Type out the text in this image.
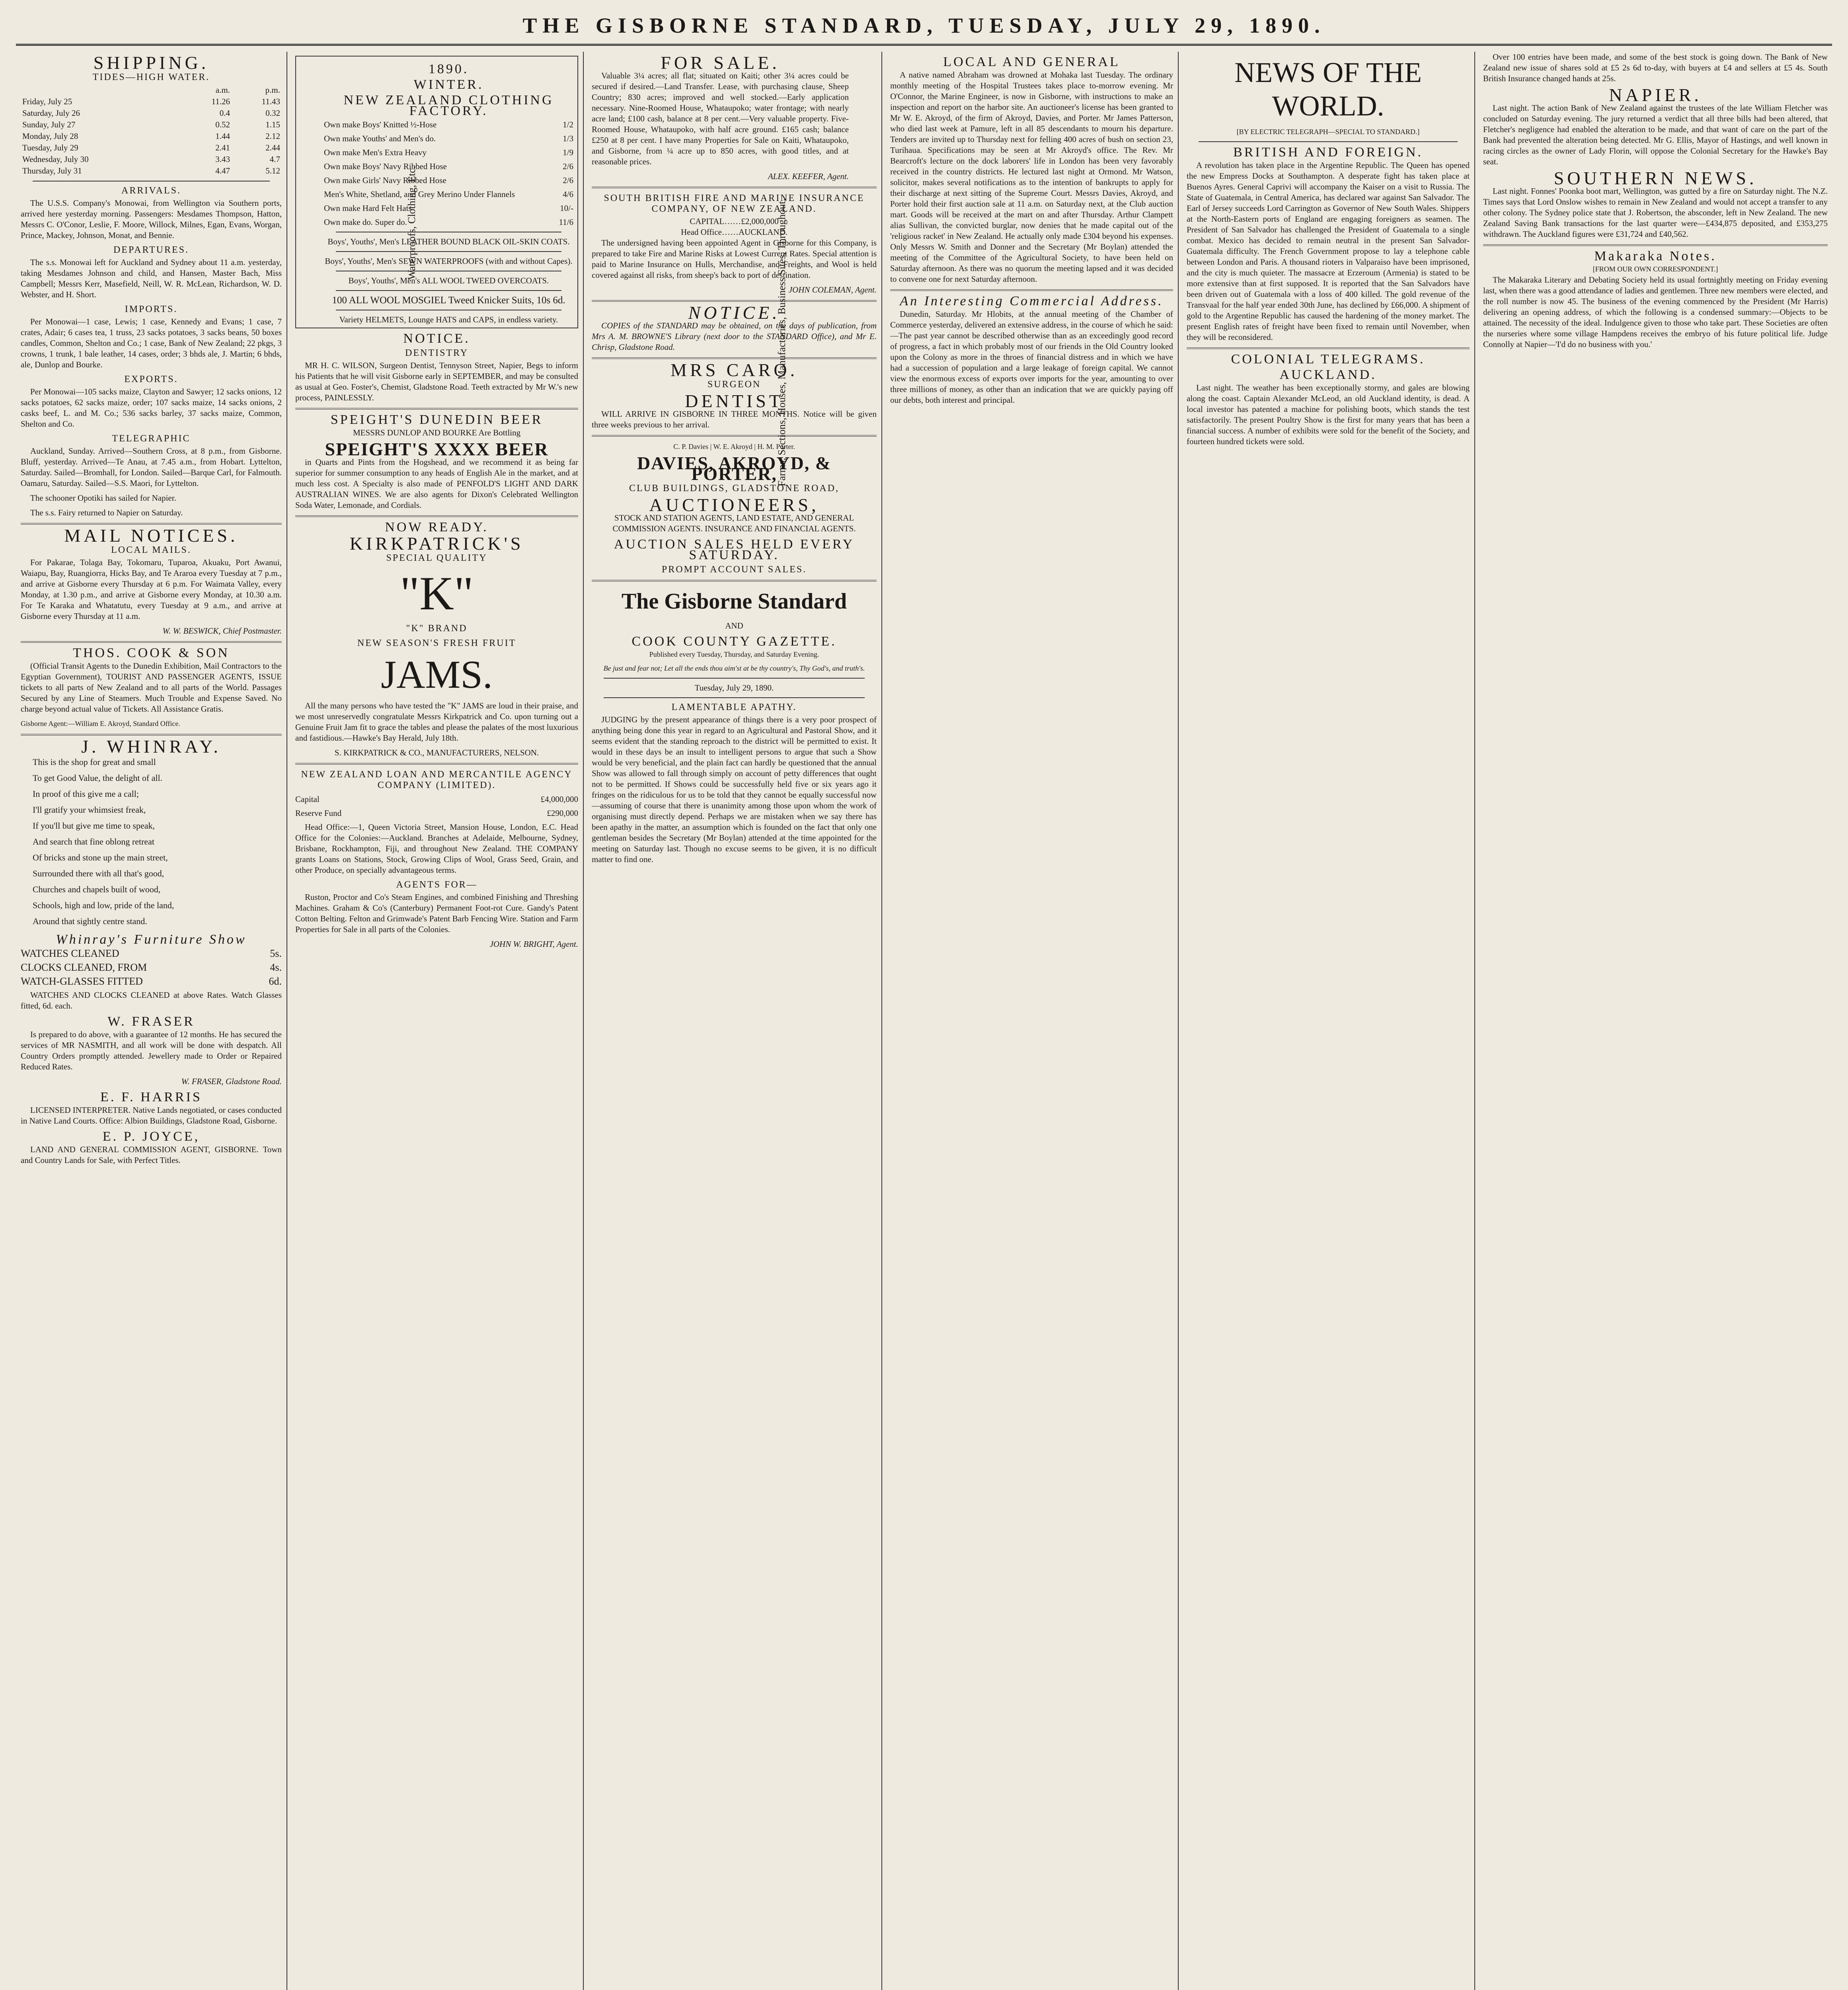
THE GISBORNE STANDARD, TUESDAY, JULY 29, 1890.
SHIPPING.
TIDES—HIGH WATER.
	a.m.	p.m.
Friday, July 25	11.26	11.43
Saturday, July 26	0.4	0.32
Sunday, July 27	0.52	1.15
Monday, July 28	1.44	2.12
Tuesday, July 29	2.41	2.44
Wednesday, July 30	3.43	4.7
Thursday, July 31	4.47	5.12
ARRIVALS.

The U.S.S. Company's Monowai, from Wellington via Southern ports, arrived here yesterday morning. Passengers: Mesdames Thompson, Hatton, Messrs C. O'Conor, Leslie, F. Moore, Willock, Milnes, Egan, Evans, Worgan, Prince, Mackey, Johnson, Monat, and Bennie.

DEPARTURES.

The s.s. Monowai left for Auckland and Sydney about 11 a.m. yesterday, taking Mesdames Johnson and child, and Hansen, Master Bach, Miss Campbell; Messrs Kerr, Masefield, Neill, W. R. McLean, Richardson, W. D. Webster, and H. Short.

IMPORTS.

Per Monowai—1 case, Lewis; 1 case, Kennedy and Evans; 1 case, 7 crates, Adair; 6 cases tea, 1 truss, 23 sacks potatoes, 3 sacks beans, 50 boxes candles, Common, Shelton and Co.; 1 case, Bank of New Zealand; 22 pkgs, 3 crowns, 1 trunk, 1 bale leather, 14 cases, order; 3 bhds ale, J. Martin; 6 bhds, ale, Dunlop and Bourke.

EXPORTS.

Per Monowai—105 sacks maize, Clayton and Sawyer; 12 sacks onions, 12 sacks potatoes, 62 sacks maize, order; 107 sacks maize, 14 sacks onions, 2 casks beef, L. and M. Co.; 536 sacks barley, 37 sacks maize, Common, Shelton and Co.

TELEGRAPHIC

Auckland, Sunday. Arrived—Southern Cross, at 8 p.m., from Gisborne. Bluff, yesterday. Arrived—Te Anau, at 7.45 a.m., from Hobart. Lyttelton, Saturday. Sailed—Bromhall, for London. Sailed—Barque Carl, for Falmouth. Oamaru, Saturday. Sailed—S.S. Maori, for Lyttelton.

The schooner Opotiki has sailed for Napier.

The s.s. Fairy returned to Napier on Saturday.

MAIL NOTICES.
LOCAL MAILS.

For Pakarae, Tolaga Bay, Tokomaru, Tuparoa, Akuaku, Port Awanui, Waiapu, Bay, Ruangiorra, Hicks Bay, and Te Araroa every Tuesday at 7 p.m., and arrive at Gisborne every Thursday at 6 p.m. For Waimata Valley, every Monday, at 1.30 p.m., and arrive at Gisborne every Monday, at 10.30 a.m. For Te Karaka and Whatatutu, every Tuesday at 9 a.m., and arrive at Gisborne every Thursday at 11 a.m.

W. W. BESWICK, Chief Postmaster.
THOS. COOK & SON

(Official Transit Agents to the Dunedin Exhibition, Mail Contractors to the Egyptian Government), TOURIST AND PASSENGER AGENTS, ISSUE tickets to all parts of New Zealand and to all parts of the World. Passages Secured by any Line of Steamers. Much Trouble and Expense Saved. No charge beyond actual value of Tickets. All Assistance Gratis.

Gisborne Agent:—William E. Akroyd, Standard Office.
J. WHINRAY.
This is the shop for great and small
To get Good Value, the delight of all.
In proof of this give me a call;
I'll gratify your whimsiest freak,
If you'll but give me time to speak,
And search that fine oblong retreat
Of bricks and stone up the main street,
Surrounded there with all that's good,
Churches and chapels built of wood,
Schools, high and low, pride of the land,
Around that sightly centre stand.
Whinray's Furniture Show
WATCHES CLEANED	5s.
CLOCKS CLEANED, FROM	4s.
WATCH-GLASSES FITTED	6d.

WATCHES AND CLOCKS CLEANED at above Rates. Watch Glasses fitted, 6d. each.

W. FRASER

Is prepared to do above, with a guarantee of 12 months. He has secured the services of MR NASMITH, and all work will be done with despatch. All Country Orders promptly attended. Jewellery made to Order or Repaired Reduced Rates.

W. FRASER, Gladstone Road.
E. F. HARRIS

LICENSED INTERPRETER. Native Lands negotiated, or cases conducted in Native Land Courts. Office: Albion Buildings, Gladstone Road, Gisborne.

E. P. JOYCE,

LAND AND GENERAL COMMISSION AGENT, GISBORNE. Town and Country Lands for Sale, with Perfect Titles.

1890.
WINTER.
NEW ZEALAND CLOTHING FACTORY.
Own make Boys' Knitted ½-Hose	1/2
Own make Youths' and Men's do.	1/3
Own make Men's Extra Heavy	1/9
Own make Boys' Navy Ribbed Hose	2/6
Own make Girls' Navy Ribbed Hose	2/6
Men's White, Shetland, and Grey Merino Under Flannels	4/6
Own make Hard Felt Hats	10/-
Own make do. Super do.	11/6
Boys', Youths', Men's LEATHER BOUND BLACK OIL-SKIN COATS.
Boys', Youths', Men's SEWN WATERPROOFS (with and without Capes).
Boys', Youths', Men's ALL WOOL TWEED OVERCOATS.
100 ALL WOOL MOSGIEL Tweed Knicker Suits, 10s 6d.
Variety HELMETS, Lounge HATS and CAPS, in endless variety.
NOTICE.
DENTISTRY

MR H. C. WILSON, Surgeon Dentist, Tennyson Street, Napier, Begs to inform his Patients that he will visit Gisborne early in SEPTEMBER, and may be consulted as usual at Geo. Foster's, Chemist, Gladstone Road. Teeth extracted by Mr W.'s new process, PAINLESSLY.

SPEIGHT'S DUNEDIN BEER
MESSRS DUNLOP AND BOURKE Are Bottling
SPEIGHT'S XXXX BEER

in Quarts and Pints from the Hogshead, and we recommend it as being far superior for summer consumption to any heads of English Ale in the market, and at much less cost. A Specialty is also made of PENFOLD'S LIGHT AND DARK AUSTRALIAN WINES. We are also agents for Dixon's Celebrated Wellington Soda Water, Lemonade, and Cordials.

NOW READY.
KIRKPATRICK'S
SPECIAL QUALITY
"K"
"K" BRAND
NEW SEASON'S FRESH FRUIT
JAMS.

All the many persons who have tested the "K" JAMS are loud in their praise, and we most unreservedly congratulate Messrs Kirkpatrick and Co. upon turning out a Genuine Fruit Jam fit to grace the tables and please the palates of the most luxurious and fastidious.—Hawke's Bay Herald, July 18th.

S. KIRKPATRICK & CO., MANUFACTURERS, NELSON.
NEW ZEALAND LOAN AND MERCANTILE AGENCY COMPANY (LIMITED).
Capital	£4,000,000
Reserve Fund	£290,000

Head Office:—1, Queen Victoria Street, Mansion House, London, E.C. Head Office for the Colonies:—Auckland. Branches at Adelaide, Melbourne, Sydney, Brisbane, Rockhampton, Fiji, and throughout New Zealand. THE COMPANY grants Loans on Stations, Stock, Growing Clips of Wool, Grass Seed, Grain, and other Produce, on specially advantageous terms.

AGENTS FOR—

Ruston, Proctor and Co's Steam Engines, and combined Finishing and Threshing Machines. Graham & Co's (Canterbury) Permanent Foot-rot Cure. Gandy's Patent Cotton Belting. Felton and Grimwade's Patent Barb Fencing Wire. Station and Farm Properties for Sale in all parts of the Colonies.

JOHN W. BRIGHT, Agent.
Waterproofs, Clothing, Etc.
FOR SALE.

Valuable 3¼ acres; all flat; situated on Kaiti; other 3¼ acres could be secured if desired.—Land Transfer. Lease, with purchasing clause, Sheep Country; 830 acres; improved and well stocked.—Early application necessary. Nine-Roomed House, Whataupoko; water frontage; with nearly acre land; £100 cash, balance at 8 per cent.—Very valuable property. Five-Roomed House, Whataupoko, with half acre ground. £165 cash; balance £250 at 8 per cent. I have many Properties for Sale on Kaiti, Whataupoko, and Gisborne, from ¼ acre up to 850 acres, with good titles, and at reasonable prices.

ALEX. KEEFER, Agent.
SOUTH BRITISH FIRE AND MARINE INSURANCE COMPANY, OF NEW ZEALAND.
CAPITAL……£2,000,000
Head Office……AUCKLAND.

The undersigned having been appointed Agent in Gisborne for this Company, is prepared to take Fire and Marine Risks at Lowest Current Rates. Special attention is paid to Marine Insurance on Hulls, Merchandise, and Freights, and Wool is held covered against all risks, from sheep's back to port of destination.

JOHN COLEMAN, Agent.
NOTICE.

COPIES of the STANDARD may be obtained, on the days of publication, from Mrs A. M. BROWNE'S Library (next door to the STANDARD Office), and Mr E. Chrisp, Gladstone Road.

MRS CARO.
SURGEON
DENTIST

WILL ARRIVE IN GISBORNE IN THREE MONTHS. Notice will be given three weeks previous to her arrival.

C. P. Davies | W. E. Akroyd | H. M. Porter.
DAVIES, AKROYD, & PORTER,
CLUB BUILDINGS, GLADSTONE ROAD,
AUCTIONEERS,
STOCK AND STATION AGENTS, LAND ESTATE, AND GENERAL COMMISSION AGENTS. INSURANCE AND FINANCIAL AGENTS.
AUCTION SALES HELD EVERY SATURDAY.
PROMPT ACCOUNT SALES.
The Gisborne Standard
AND
COOK COUNTY GAZETTE.
Published every Tuesday, Thursday, and Saturday Evening.
Be just and fear not; Let all the ends thou aim'st at be thy country's, Thy God's, and truth's.
Tuesday, July 29, 1890.
LAMENTABLE APATHY.

JUDGING by the present appearance of things there is a very poor prospect of anything being done this year in regard to an Agricultural and Pastoral Show, and it seems evident that the standing reproach to the district will be permitted to exist. It would in these days be an insult to intelligent persons to argue that such a Show would be very beneficial, and the plain fact can hardly be questioned that the annual Show was allowed to fall through simply on account of petty differences that ought not to be permitted. If Shows could be successfully held five or six years ago it fringes on the ridiculous for us to be told that they cannot be equally successful now—assuming of course that there is unanimity among those upon whom the work of organising must directly depend. Perhaps we are mistaken when we say there has been apathy in the matter, an assumption which is founded on the fact that only one gentleman besides the Secretary (Mr Boylan) attended at the time appointed for the meeting on Saturday last. Though no excuse seems to be given, it is no difficult matter to find one.

Farms, Sections, Houses, Manufactories, Business Sites, Throughout.
LOCAL AND GENERAL

A native named Abraham was drowned at Mohaka last Tuesday. The ordinary monthly meeting of the Hospital Trustees takes place to-morrow evening. Mr O'Connor, the Marine Engineer, is now in Gisborne, with instructions to make an inspection and report on the harbor site. An auctioneer's license has been granted to Mr W. E. Akroyd, of the firm of Akroyd, Davies, and Porter. Mr James Patterson, who died last week at Pamure, left in all 85 descendants to mourn his departure. Tenders are invited up to Thursday next for felling 400 acres of bush on section 23, Turihaua. Specifications may be seen at Mr Akroyd's office. The Rev. Mr Bearcroft's lecture on the dock laborers' life in London has been very favorably received in the country districts. He lectured last night at Ormond. Mr Watson, solicitor, makes several notifications as to the intention of bankrupts to apply for their discharge at next sitting of the Supreme Court. Messrs Davies, Akroyd, and Porter hold their first auction sale at 11 a.m. on Saturday next, at the Club auction mart. Goods will be received at the mart on and after Thursday. Arthur Clampett alias Sullivan, the convicted burglar, now denies that he made capital out of the 'religious racket' in New Zealand. He actually only made £304 beyond his expenses. Only Messrs W. Smith and Donner and the Secretary (Mr Boylan) attended the meeting of the Committee of the Agricultural Society, to have been held on Saturday afternoon. As there was no quorum the meeting lapsed and it was decided to convene one for next Saturday afternoon.

An Interesting Commercial Address.

Dunedin, Saturday. Mr Hlobits, at the annual meeting of the Chamber of Commerce yesterday, delivered an extensive address, in the course of which he said:—The past year cannot be described otherwise than as an exceedingly good record of progress, a fact in which probably most of our friends in the Old Country looked upon the Colony as more in the throes of financial distress and in which we have had a succession of population and a large leakage of foreign capital. We cannot view the enormous excess of exports over imports for the year, amounting to over three millions of money, as other than an indication that we are quickly paying off our debts, both interest and principal.

NEWS OF THE WORLD.
[BY ELECTRIC TELEGRAPH—SPECIAL TO STANDARD.]
BRITISH AND FOREIGN.

A revolution has taken place in the Argentine Republic. The Queen has opened the new Empress Docks at Southampton. A desperate fight has taken place at Buenos Ayres. General Caprivi will accompany the Kaiser on a visit to Russia. The State of Guatemala, in Central America, has declared war against San Salvador. The Earl of Jersey succeeds Lord Carrington as Governor of New South Wales. Shippers at the North-Eastern ports of England are engaging foreigners as seamen. The President of San Salvador has challenged the President of Guatemala to a single combat. Mexico has decided to remain neutral in the present San Salvador-Guatemala difficulty. The French Government propose to lay a telephone cable between London and Paris. A thousand rioters in Valparaiso have been imprisoned, and the city is much quieter. The massacre at Erzeroum (Armenia) is stated to be more extensive than at first supposed. It is reported that the San Salvadors have been driven out of Guatemala with a loss of 400 killed. The gold revenue of the Transvaal for the half year ended 30th June, has declined by £66,000. A shipment of gold to the Argentine Republic has caused the hardening of the money market. The present English rates of freight have been fixed to remain until November, when they will be reconsidered.

COLONIAL TELEGRAMS.
AUCKLAND.

Last night. The weather has been exceptionally stormy, and gales are blowing along the coast. Captain Alexander McLeod, an old Auckland identity, is dead. A local investor has patented a machine for polishing boots, which stands the test satisfactorily. The present Poultry Show is the first for many years that has been a financial success. A number of exhibits were sold for the benefit of the Society, and fourteen hundred tickets were sold.

Over 100 entries have been made, and some of the best stock is going down. The Bank of New Zealand new issue of shares sold at £5 2s 6d to-day, with buyers at £4 and sellers at £5 4s. South British Insurance changed hands at 25s.

NAPIER.

Last night. The action Bank of New Zealand against the trustees of the late William Fletcher was concluded on Saturday evening. The jury returned a verdict that all three bills had been altered, that Fletcher's negligence had enabled the alteration to be made, and that want of care on the part of the Bank had prevented the alteration being detected. Mr G. Ellis, Mayor of Hastings, and well known in racing circles as the owner of Lady Florin, will oppose the Colonial Secretary for the Hawke's Bay seat.

SOUTHERN NEWS.

Last night. Fonnes' Poonka boot mart, Wellington, was gutted by a fire on Saturday night. The N.Z. Times says that Lord Onslow wishes to remain in New Zealand and would not accept a transfer to any other colony. The Sydney police state that J. Robertson, the absconder, left in New Zealand. The new Zealand Saving Bank transactions for the last quarter were—£434,875 deposited, and £353,275 withdrawn. The Auckland figures were £31,724 and £40,562.

Makaraka Notes.
[FROM OUR OWN CORRESPONDENT.]

The Makaraka Literary and Debating Society held its usual fortnightly meeting on Friday evening last, when there was a good attendance of ladies and gentlemen. Three new members were elected, and the roll number is now 45. The business of the evening commenced by the President (Mr Harris) delivering an opening address, of which the following is a condensed summary:—Objects to be attained. The necessity of the ideal. Indulgence given to those who take part. These Societies are often the nurseries where some village Hampdens receives the embryo of his future political life. Judge Connolly at Napier—'I'd do no business with you.'
